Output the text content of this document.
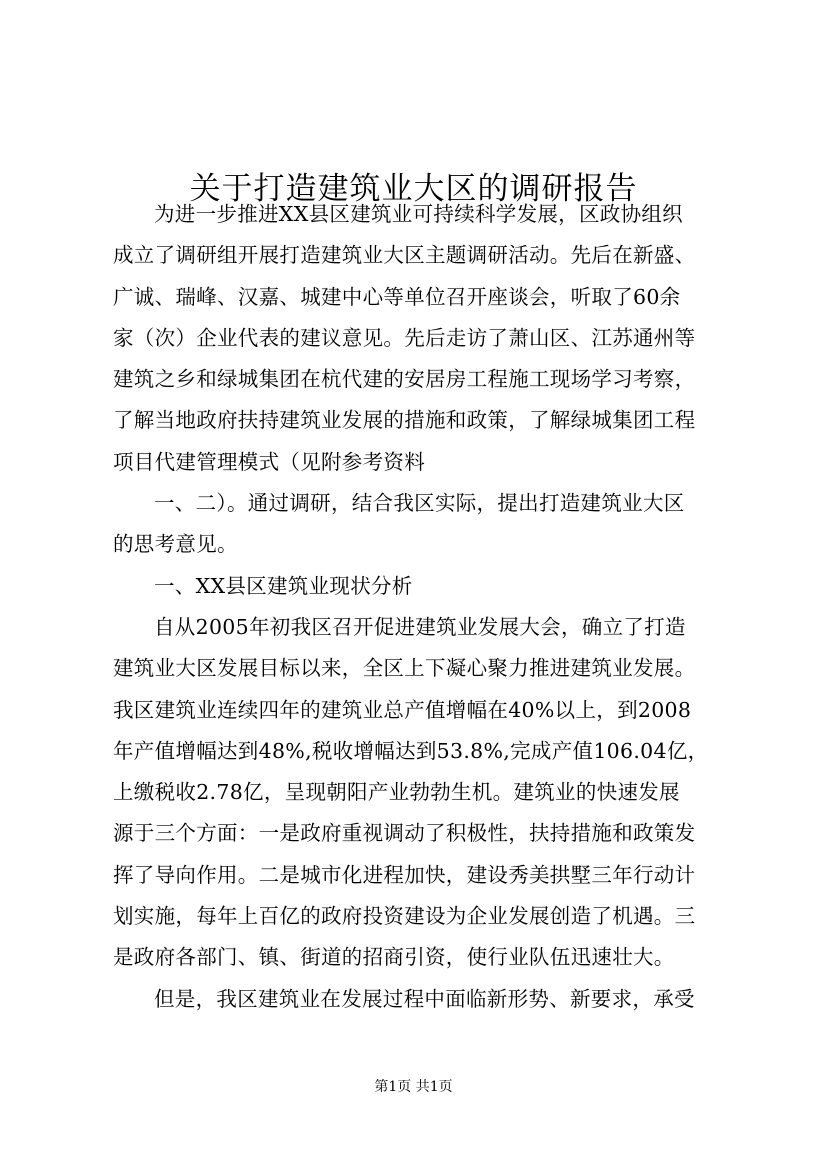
关于打造建筑业大区的调研报告
为进一步推进XX县区建筑业可持续科学发展，区政协组织
成立了调研组开展打造建筑业大区主题调研活动。先后在新盛、
广诚、瑞峰、汉嘉、城建中心等单位召开座谈会，听取了60余
家（次）企业代表的建议意见。先后走访了萧山区、江苏通州等
建筑之乡和绿城集团在杭代建的安居房工程施工现场学习考察，
了解当地政府扶持建筑业发展的措施和政策，了解绿城集团工程
项目代建管理模式（见附参考资料
一、二）。通过调研，结合我区实际，提出打造建筑业大区
的思考意见。
一、XX县区建筑业现状分析
自从2005年初我区召开促进建筑业发展大会，确立了打造
建筑业大区发展目标以来，全区上下凝心聚力推进建筑业发展。
我区建筑业连续四年的建筑业总产值增幅在40%以上，到2008
年产值增幅达到48%,税收增幅达到53.8%,完成产值106.04亿，
上缴税收2.78亿，呈现朝阳产业勃勃生机。建筑业的快速发展
源于三个方面：一是政府重视调动了积极性，扶持措施和政策发
挥了导向作用。二是城市化进程加快，建设秀美拱墅三年行动计
划实施，每年上百亿的政府投资建设为企业发展创造了机遇。三
是政府各部门、镇、街道的招商引资，使行业队伍迅速壮大。
但是，我区建筑业在发展过程中面临新形势、新要求，承受
第1页 共1页
